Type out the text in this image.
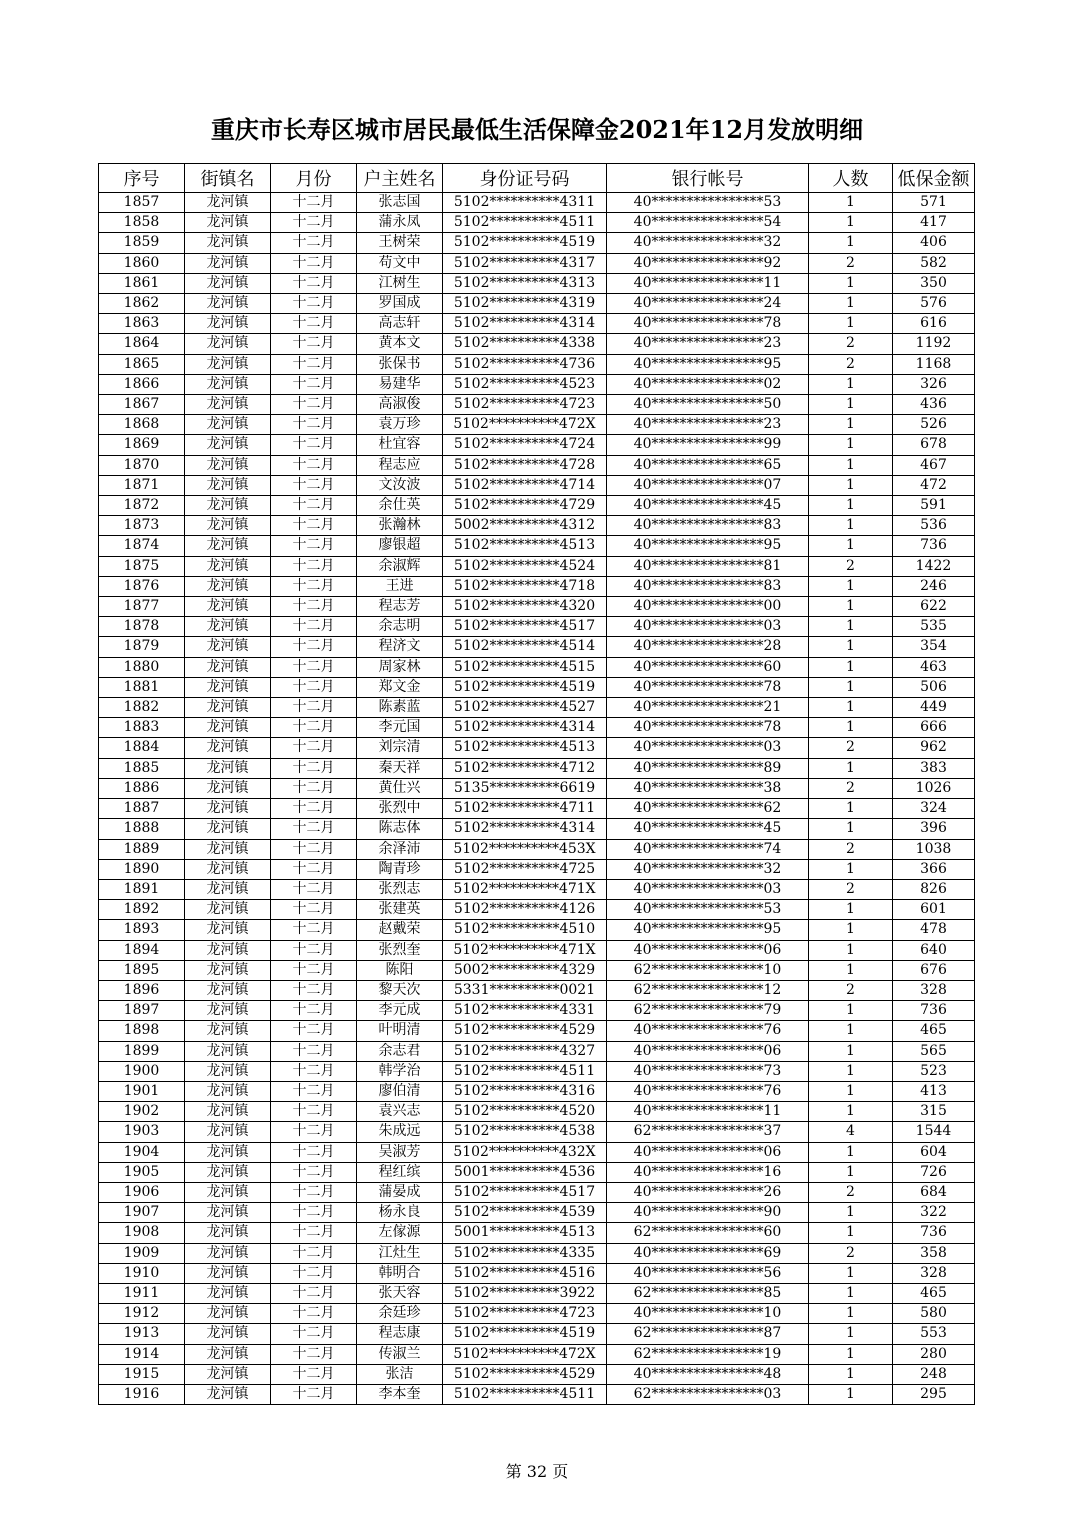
重庆市长寿区城市居民最低生活保障金2021年12月发放明细
序号	街镇名	月份	户主姓名	身份证号码	银行帐号	人数	低保金额
1857	龙河镇	十二月	张志国	5102**********4311	40****************53	1	571
1858	龙河镇	十二月	蒲永凤	5102**********4511	40****************54	1	417
1859	龙河镇	十二月	王树荣	5102**********4519	40****************32	1	406
1860	龙河镇	十二月	苟文中	5102**********4317	40****************92	2	582
1861	龙河镇	十二月	江树生	5102**********4313	40****************11	1	350
1862	龙河镇	十二月	罗国成	5102**********4319	40****************24	1	576
1863	龙河镇	十二月	高志轩	5102**********4314	40****************78	1	616
1864	龙河镇	十二月	黄本文	5102**********4338	40****************23	2	1192
1865	龙河镇	十二月	张保书	5102**********4736	40****************95	2	1168
1866	龙河镇	十二月	易建华	5102**********4523	40****************02	1	326
1867	龙河镇	十二月	高淑俊	5102**********4723	40****************50	1	436
1868	龙河镇	十二月	袁万珍	5102**********472X	40****************23	1	526
1869	龙河镇	十二月	杜宜容	5102**********4724	40****************99	1	678
1870	龙河镇	十二月	程志应	5102**********4728	40****************65	1	467
1871	龙河镇	十二月	文汝波	5102**********4714	40****************07	1	472
1872	龙河镇	十二月	余仕英	5102**********4729	40****************45	1	591
1873	龙河镇	十二月	张瀚林	5002**********4312	40****************83	1	536
1874	龙河镇	十二月	廖银超	5102**********4513	40****************95	1	736
1875	龙河镇	十二月	余淑辉	5102**********4524	40****************81	2	1422
1876	龙河镇	十二月	王进	5102**********4718	40****************83	1	246
1877	龙河镇	十二月	程志芳	5102**********4320	40****************00	1	622
1878	龙河镇	十二月	余志明	5102**********4517	40****************03	1	535
1879	龙河镇	十二月	程济文	5102**********4514	40****************28	1	354
1880	龙河镇	十二月	周家林	5102**********4515	40****************60	1	463
1881	龙河镇	十二月	郑文金	5102**********4519	40****************78	1	506
1882	龙河镇	十二月	陈素蓝	5102**********4527	40****************21	1	449
1883	龙河镇	十二月	李元国	5102**********4314	40****************78	1	666
1884	龙河镇	十二月	刘宗清	5102**********4513	40****************03	2	962
1885	龙河镇	十二月	秦天祥	5102**********4712	40****************89	1	383
1886	龙河镇	十二月	黄仕兴	5135**********6619	40****************38	2	1026
1887	龙河镇	十二月	张烈中	5102**********4711	40****************62	1	324
1888	龙河镇	十二月	陈志体	5102**********4314	40****************45	1	396
1889	龙河镇	十二月	余泽沛	5102**********453X	40****************74	2	1038
1890	龙河镇	十二月	陶青珍	5102**********4725	40****************32	1	366
1891	龙河镇	十二月	张烈志	5102**********471X	40****************03	2	826
1892	龙河镇	十二月	张建英	5102**********4126	40****************53	1	601
1893	龙河镇	十二月	赵戴荣	5102**********4510	40****************95	1	478
1894	龙河镇	十二月	张烈奎	5102**********471X	40****************06	1	640
1895	龙河镇	十二月	陈阳	5002**********4329	62****************10	1	676
1896	龙河镇	十二月	黎天次	5331**********0021	62****************12	2	328
1897	龙河镇	十二月	李元成	5102**********4331	62****************79	1	736
1898	龙河镇	十二月	叶明清	5102**********4529	40****************76	1	465
1899	龙河镇	十二月	余志君	5102**********4327	40****************06	1	565
1900	龙河镇	十二月	韩学治	5102**********4511	40****************73	1	523
1901	龙河镇	十二月	廖伯清	5102**********4316	40****************76	1	413
1902	龙河镇	十二月	袁兴志	5102**********4520	40****************11	1	315
1903	龙河镇	十二月	朱成远	5102**********4538	62****************37	4	1544
1904	龙河镇	十二月	吴淑芳	5102**********432X	40****************06	1	604
1905	龙河镇	十二月	程红缤	5001**********4536	40****************16	1	726
1906	龙河镇	十二月	蒲晏成	5102**********4517	40****************26	2	684
1907	龙河镇	十二月	杨永良	5102**********4539	40****************90	1	322
1908	龙河镇	十二月	左傢源	5001**********4513	62****************60	1	736
1909	龙河镇	十二月	江灶生	5102**********4335	40****************69	2	358
1910	龙河镇	十二月	韩明合	5102**********4516	40****************56	1	328
1911	龙河镇	十二月	张天容	5102**********3922	62****************85	1	465
1912	龙河镇	十二月	余廷珍	5102**********4723	40****************10	1	580
1913	龙河镇	十二月	程志康	5102**********4519	62****************87	1	553
1914	龙河镇	十二月	传淑兰	5102**********472X	62****************19	1	280
1915	龙河镇	十二月	张洁	5102**********4529	40****************48	1	248
1916	龙河镇	十二月	李本奎	5102**********4511	62****************03	1	295
第 32 页
